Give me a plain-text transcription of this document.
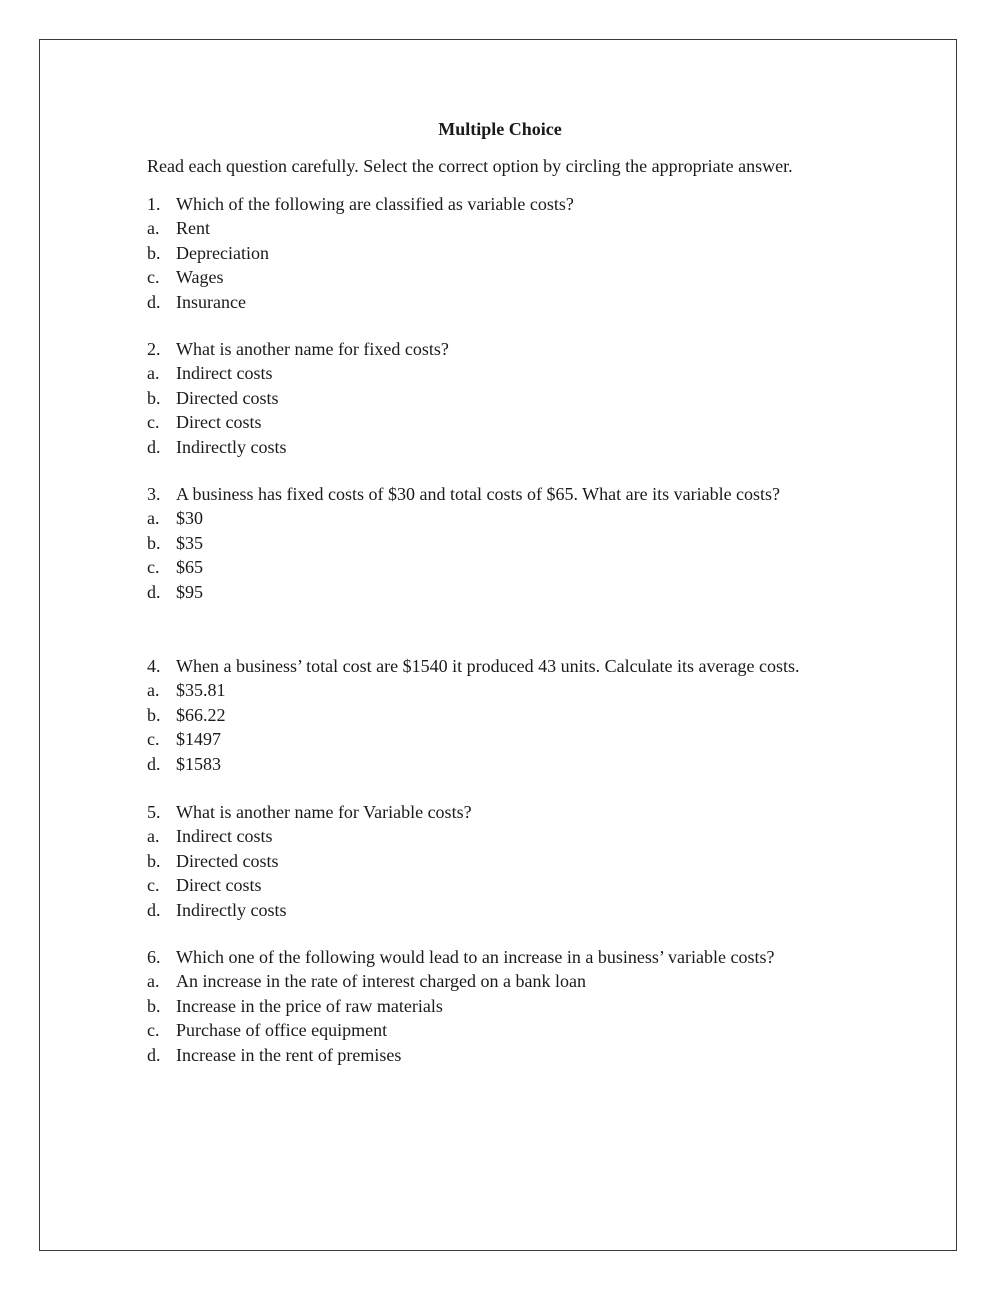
Multiple Choice
Read each question carefully. Select the correct option by circling the appropriate answer.
1. Which of the following are classified as variable costs?
a. Rent
b. Depreciation
c. Wages
d. Insurance
2. What is another name for fixed costs?
a. Indirect costs
b. Directed costs
c. Direct costs
d. Indirectly costs
3. A business has fixed costs of $30 and total costs of $65. What are its variable costs?
a. $30
b. $35
c. $65
d. $95
4. When a business’ total cost are $1540 it produced 43 units. Calculate its average costs.
a. $35.81
b. $66.22
c. $1497
d. $1583
5. What is another name for Variable costs?
a. Indirect costs
b. Directed costs
c. Direct costs
d. Indirectly costs
6. Which one of the following would lead to an increase in a business’ variable costs?
a. An increase in the rate of interest charged on a bank loan
b. Increase in the price of raw materials
c. Purchase of office equipment
d. Increase in the rent of premises
